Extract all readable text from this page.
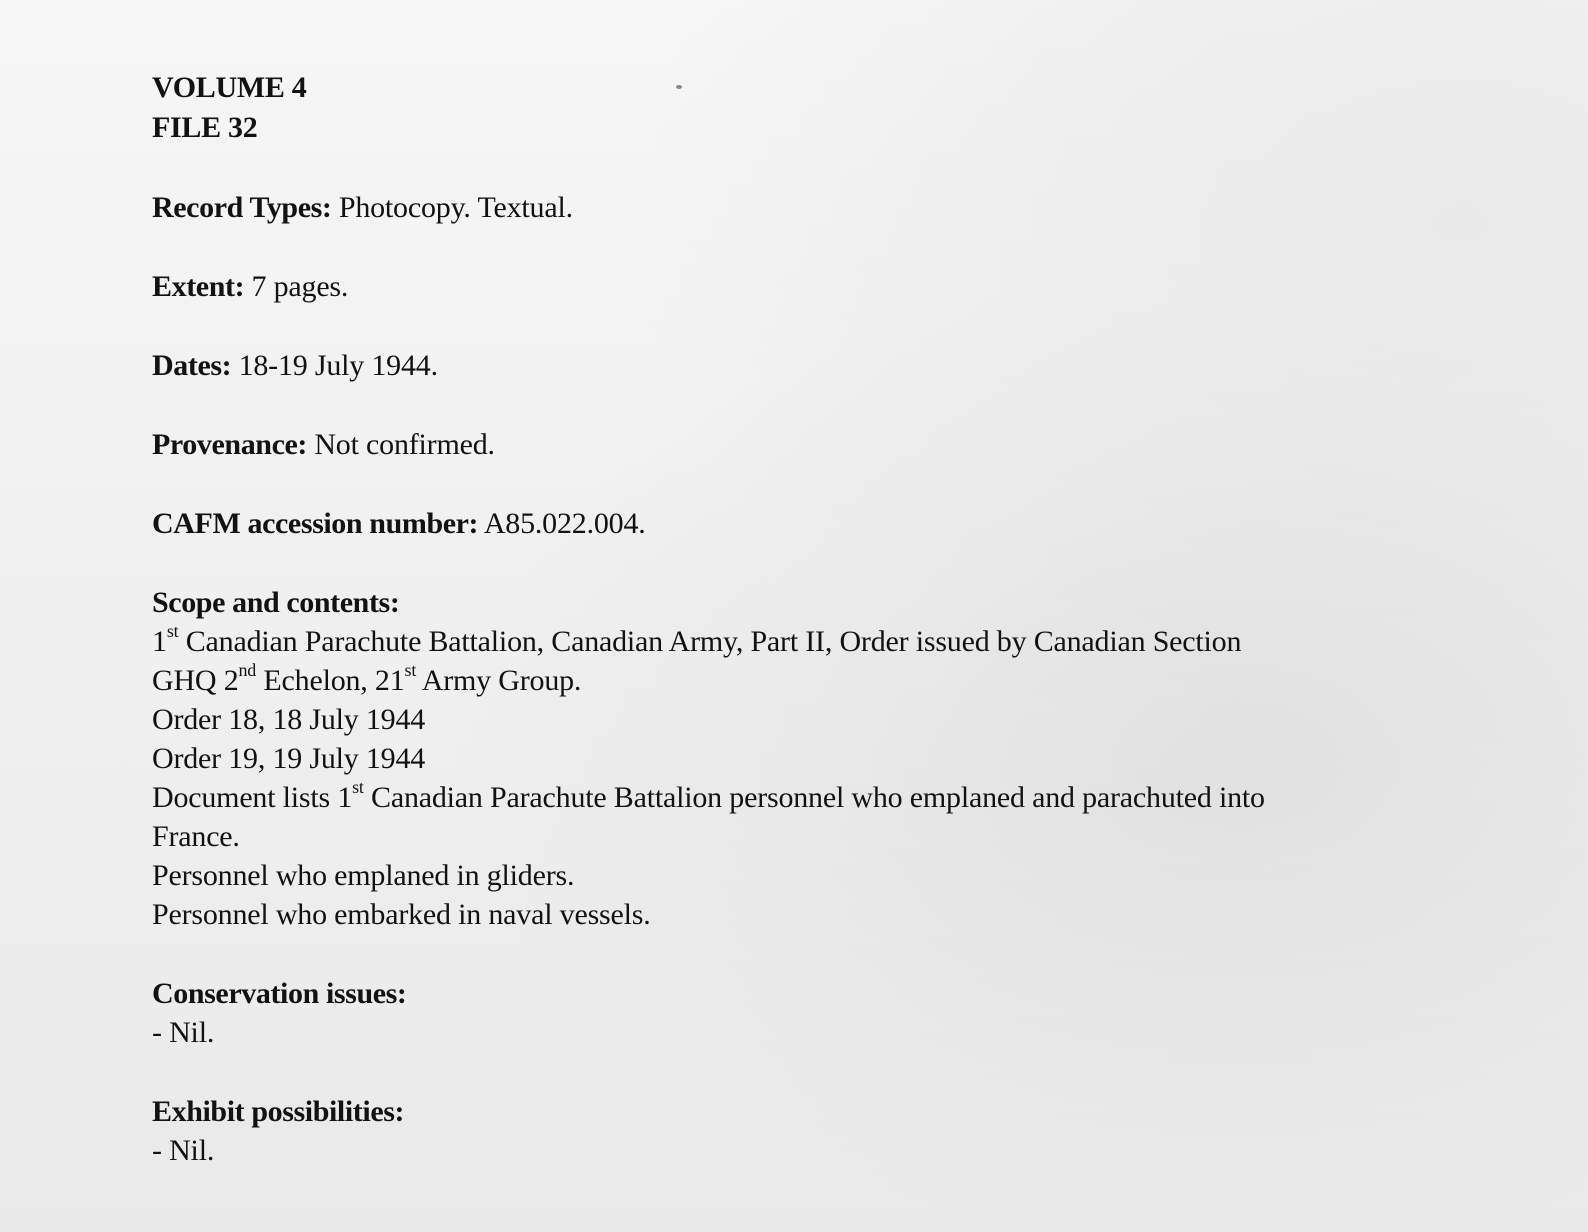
VOLUME 4
FILE 32
Record Types: Photocopy. Textual.
Extent: 7 pages.
Dates: 18-19 July 1944.
Provenance: Not confirmed.
CAFM accession number: A85.022.004.
Scope and contents:
1st Canadian Parachute Battalion, Canadian Army, Part II, Order issued by Canadian Section
GHQ 2nd Echelon, 21st Army Group.
Order 18, 18 July 1944
Order 19, 19 July 1944
Document lists 1st Canadian Parachute Battalion personnel who emplaned and parachuted into
France.
Personnel who emplaned in gliders.
Personnel who embarked in naval vessels.
Conservation issues:
- Nil.
Exhibit possibilities:
- Nil.
